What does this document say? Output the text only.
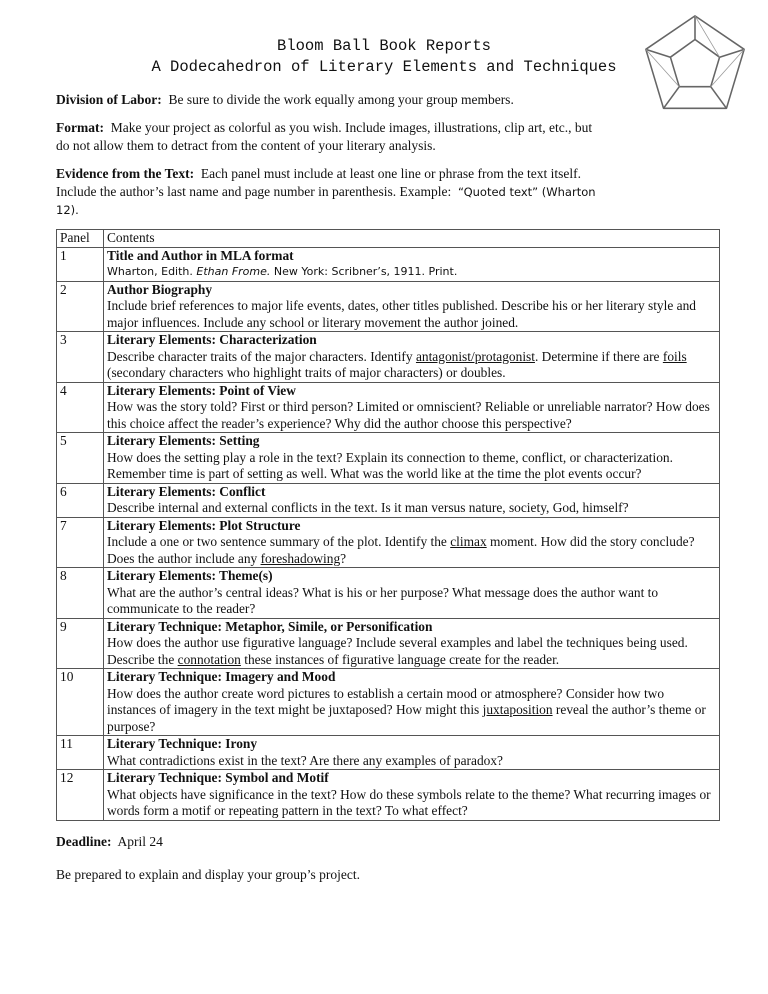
Bloom Ball Book Reports
A Dodecahedron of Literary Elements and Techniques
Division of Labor: Be sure to divide the work equally among your group members.
Format: Make your project as colorful as you wish. Include images, illustrations, clip art, etc., but
do not allow them to detract from the content of your literary analysis.
Evidence from the Text: Each panel must include at least one line or phrase from the text itself.
Include the author’s last name and page number in parenthesis. Example: “Quoted text” (Wharton
12).
Panel	Contents
1	Title and Author in MLA format
Wharton, Edith. Ethan Frome. New York: Scribner’s, 1911. Print.

2	Author Biography
Include brief references to major life events, dates, other titles published. Describe his or her literary style and major influences. Include any school or literary movement the author joined.

3	Literary Elements: Characterization
Describe character traits of the major characters. Identify antagonist/protagonist. Determine if there are foils (secondary characters who highlight traits of major characters) or doubles.

4	Literary Elements: Point of View
How was the story told? First or third person? Limited or omniscient? Reliable or unreliable narrator? How does this choice affect the reader’s experience? Why did the author choose this perspective?

5	Literary Elements: Setting
How does the setting play a role in the text? Explain its connection to theme, conflict, or characterization. Remember time is part of setting as well. What was the world like at the time the plot events occur?

6	Literary Elements: Conflict
Describe internal and external conflicts in the text. Is it man versus nature, society, God, himself?

7	Literary Elements: Plot Structure
Include a one or two sentence summary of the plot. Identify the climax moment. How did the story conclude? Does the author include any foreshadowing?

8	Literary Elements: Theme(s)
What are the author’s central ideas? What is his or her purpose? What message does the author want to communicate to the reader?

9	Literary Technique: Metaphor, Simile, or Personification
How does the author use figurative language? Include several examples and label the techniques being used. Describe the connotation these instances of figurative language create for the reader.

10	Literary Technique: Imagery and Mood
How does the author create word pictures to establish a certain mood or atmosphere? Consider how two instances of imagery in the text might be juxtaposed? How might this juxtaposition reveal the author’s theme or purpose?

11	Literary Technique: Irony
What contradictions exist in the text? Are there any examples of paradox?

12	Literary Technique: Symbol and Motif
What objects have significance in the text? How do these symbols relate to the theme? What recurring images or words form a motif or repeating pattern in the text? To what effect?
Deadline: April 24
Be prepared to explain and display your group’s project.
